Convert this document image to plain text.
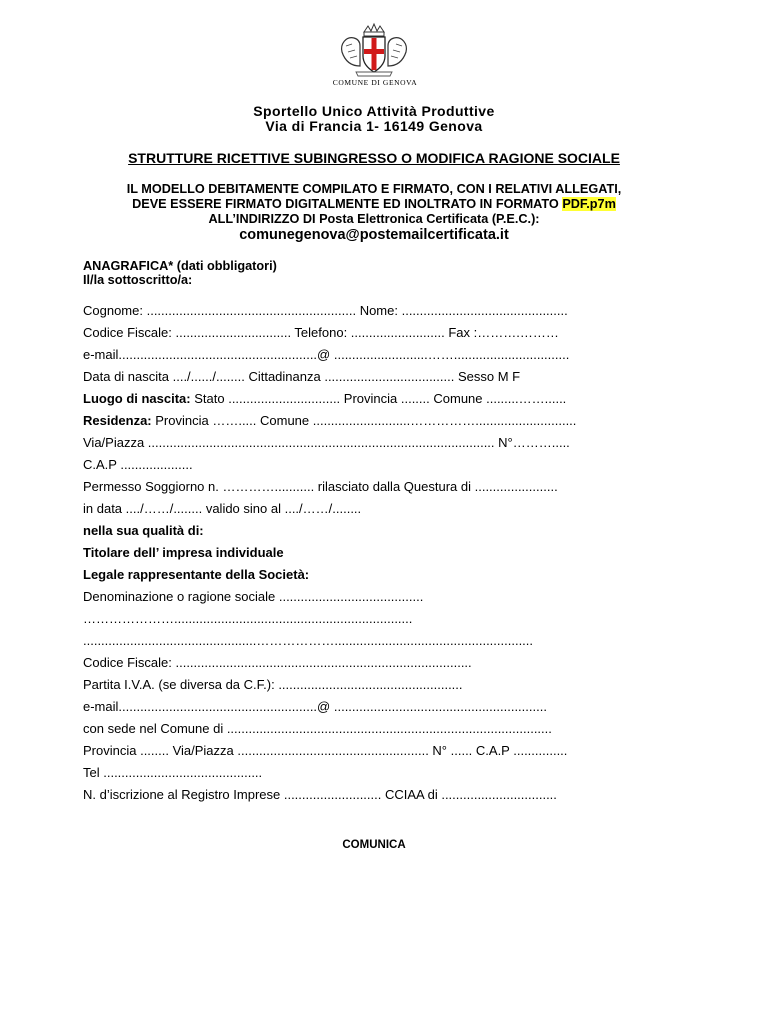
COMUNE DI GENOVA
Sportello Unico Attività Produttive
Via di Francia 1- 16149 Genova
STRUTTURE RICETTIVE SUBINGRESSO O MODIFICA RAGIONE SOCIALE
IL MODELLO DEBITAMENTE COMPILATO E FIRMATO, CON I RELATIVI ALLEGATI,
DEVE ESSERE FIRMATO DIGITALMENTE ED INOLTRATO IN FORMATO PDF.p7m
ALL’INDIRIZZO DI Posta Elettronica Certificata (P.E.C.):
comunegenova@postemailcertificata.it
ANAGRAFICA* (dati obbligatori)
Il/la sottoscritto/a:
Cognome: .......................................................... Nome: ..............................................
Codice Fiscale: ................................ Telefono: .......................... Fax :……….………
e-mail.......................................................@ ..........................……................................
Data di nascita ..../....../........ Cittadinanza .................................... Sesso M F
Luogo di nascita: Stato ............................... Provincia ........ Comune .........……......
Residenza: Provincia ……..... Comune ...........................……………............................
Via/Piazza ................................................................................................ N°……….....
C.A.P ....................
Permesso Soggiorno n. …………........... rilasciato dalla Questura di .......................
in data ..../……/........ valido sino al ..../……/........
nella sua qualità di:
Titolare dell’ impresa individuale
Legale rappresentante della Società:
Denominazione o ragione sociale ........................................
…………………..................................................................
................................................……………….......................................................
Codice Fiscale: ..................................................................................
Partita I.V.A. (se diversa da C.F.): ...................................................
e-mail.......................................................@ ...........................................................
con sede nel Comune di ..........................................................................................
Provincia ........ Via/Piazza ..................................................... N° ...... C.A.P ...............
Tel ............................................
N. d’iscrizione al Registro Imprese ........................... CCIAA di ................................
COMUNICA
